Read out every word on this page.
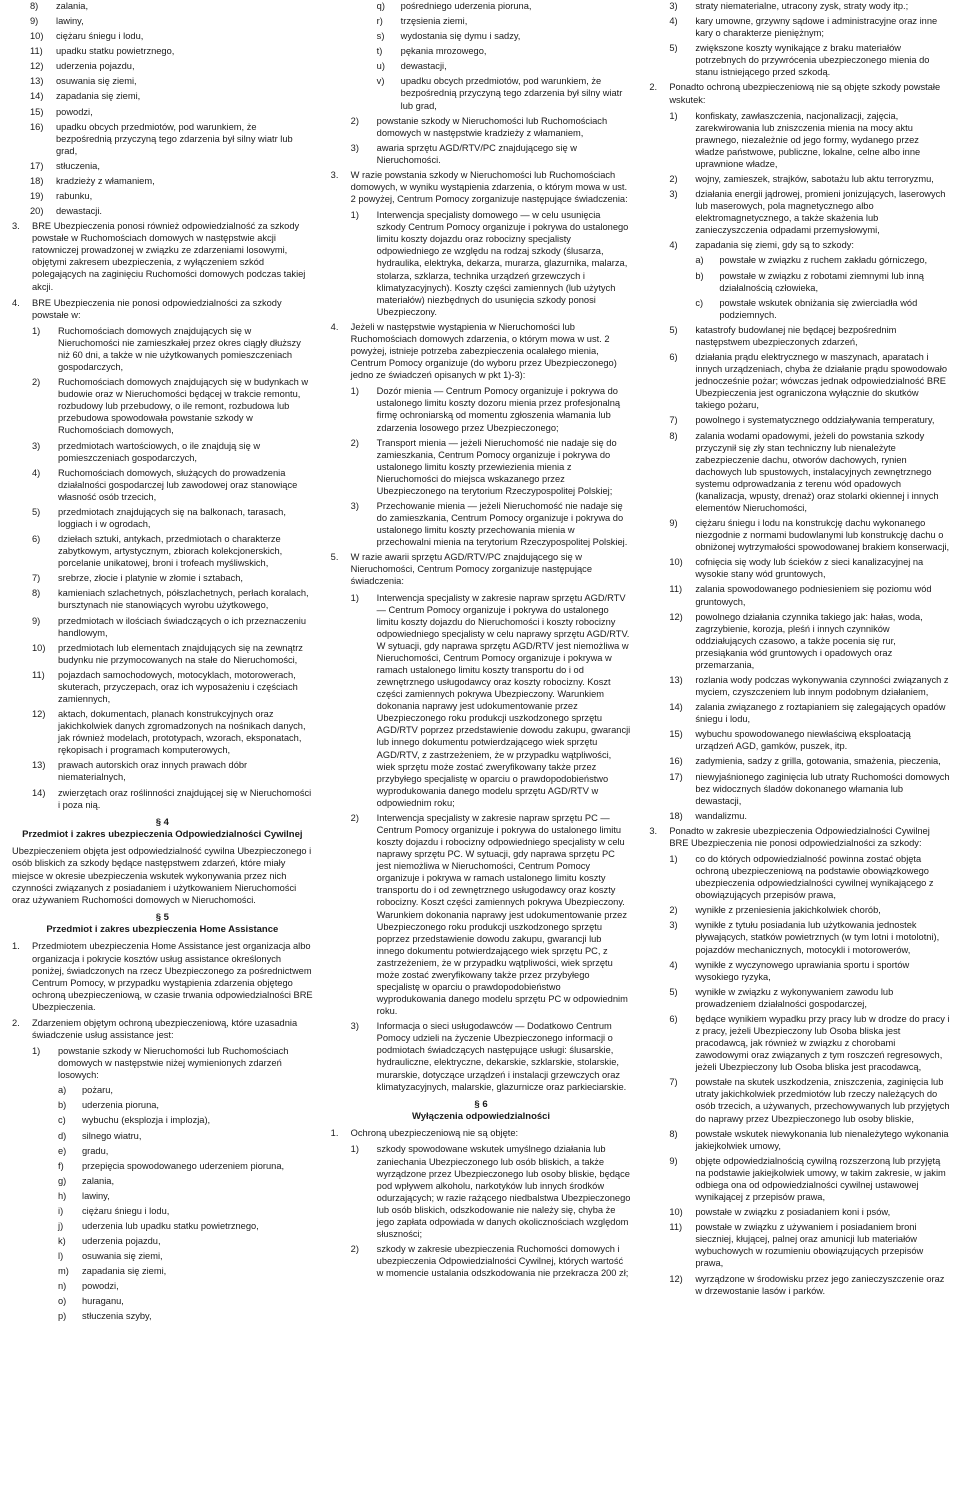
8)	zalania,
9)	lawiny,
10)	ciężaru śniegu i lodu,
11)	upadku statku powietrznego,
12)	uderzenia pojazdu,
13)	osuwania się ziemi,
14)	zapadania się ziemi,
15)	powodzi,
16)	upadku obcych przedmiotów, pod warunkiem, że bezpośrednią przyczyną tego zdarzenia był silny wiatr lub grad,
17)	stłuczenia,
18)	kradzieży z włamaniem,
19)	rabunku,
20)	dewastacji.
3.	BRE Ubezpieczenia ponosi również odpowiedzialność za szkody powstałe w Ruchomościach domowych w następstwie akcji ratowniczej prowadzonej w związku ze zdarzeniami losowymi, objętymi zakresem ubezpieczenia, z wyłączeniem szkód polegających na zaginięciu Ruchomości domowych podczas takiej akcji.
4.	BRE Ubezpieczenia nie ponosi odpowiedzialności za szkody powstałe w:
1)	Ruchomościach domowych znajdujących się w Nieruchomości nie zamieszkałej przez okres ciągły dłuższy niż 60 dni, a także w nie użytkowanych pomieszczeniach gospodarczych,
2)	Ruchomościach domowych znajdujących się w budynkach w budowie oraz w Nieruchomości będącej w trakcie remontu, rozbudowy lub przebudowy, o ile remont, rozbudowa lub przebudowa spowodowała powstanie szkody w Ruchomościach domowych,
3)	przedmiotach wartościowych, o ile znajdują się w pomieszczeniach gospodarczych,
4)	Ruchomościach domowych, służących do prowadzenia działalności gospodarczej lub zawodowej oraz stanowiące własność osób trzecich,
5)	przedmiotach znajdujących się na balkonach, tarasach, loggiach i w ogrodach,
6)	dziełach sztuki, antykach, przedmiotach o charakterze zabytkowym, artystycznym, zbiorach kolekcjonerskich, porcelanie unikatowej, broni i trofeach myśliwskich,
7)	srebrze, złocie i platynie w złomie i sztabach,
8)	kamieniach szlachetnych, półszlachetnych, perłach koralach, bursztynach nie stanowiących wyrobu użytkowego,
9)	przedmiotach w ilościach świadczących o ich przeznaczeniu handlowym,
10)	przedmiotach lub elementach znajdujących się na zewnątrz budynku nie przymocowanych na stałe do Nieruchomości,
11)	pojazdach samochodowych, motocyklach, motorowerach, skuterach, przyczepach, oraz ich wyposażeniu i częściach zamiennych,
12)	aktach, dokumentach, planach konstrukcyjnych oraz jakichkolwiek danych zgromadzonych na nośnikach danych, jak również modelach, prototypach, wzorach, eksponatach, rękopisach i programach komputerowych,
13)	prawach autorskich oraz innych prawach dóbr niematerialnych,
14)	zwierzętach oraz roślinności znajdującej się w Nieruchomości i poza nią.
§ 4
Przedmiot i zakres ubezpieczenia Odpowiedzialności Cywilnej
Ubezpieczeniem objęta jest odpowiedzialność cywilna Ubezpieczonego i osób bliskich za szkody będące następstwem zdarzeń, które miały miejsce w okresie ubezpieczenia wskutek wykonywania przez nich czynności związanych z posiadaniem i użytkowaniem Nieruchomości oraz używaniem Ruchomości domowych w Nieruchomości.
§ 5
Przedmiot i zakres ubezpieczenia Home Assistance
1.	Przedmiotem ubezpieczenia Home Assistance jest organizacja albo organizacja i pokrycie kosztów usług assistance określonych poniżej, świadczonych na rzecz Ubezpieczonego za pośrednictwem Centrum Pomocy, w przypadku wystąpienia zdarzenia objętego ochroną ubezpieczeniową, w czasie trwania odpowiedzialności BRE Ubezpieczenia.
2.	Zdarzeniem objętym ochroną ubezpieczeniową, które uzasadnia świadczenie usług assistance jest:
1)	powstanie szkody w Nieruchomości lub Ruchomościach domowych w następstwie niżej wymienionych zdarzeń losowych:
a)	pożaru,
b)	uderzenia pioruna,
c)	wybuchu (eksplozja i implozja),
d)	silnego wiatru,
e)	gradu,
f)	przepięcia spowodowanego uderzeniem pioruna,
g)	zalania,
h)	lawiny,
i)	ciężaru śniegu i lodu,
j)	uderzenia lub upadku statku powietrznego,
k)	uderzenia pojazdu,
l)	osuwania się ziemi,
m)	zapadania się ziemi,
n)	powodzi,
o)	huraganu,
p)	stłuczenia szyby,
q)	pośredniego uderzenia pioruna,
r)	trzęsienia ziemi,
s)	wydostania się dymu i sadzy,
t)	pękania mrozowego,
u)	dewastacji,
v)	upadku obcych przedmiotów, pod warunkiem, że bezpośrednią przyczyną tego zdarzenia był silny wiatr lub grad,
2)	powstanie szkody w Nieruchomości lub Ruchomościach domowych w następstwie kradzieży z włamaniem,
3)	awaria sprzętu AGD/RTV/PC znajdującego się w Nieruchomości.
3.	W razie powstania szkody w Nieruchomości lub Ruchomościach domowych, w wyniku wystąpienia zdarzenia, o którym mowa w ust. 2 powyżej, Centrum Pomocy zorganizuje następujące świadczenia:
1)	Interwencja specjalisty domowego — w celu usunięcia szkody Centrum Pomocy organizuje i pokrywa do ustalonego limitu koszty dojazdu oraz robocizny specjalisty odpowiedniego ze względu na rodzaj szkody (ślusarza, hydraulika, elektryka, dekarza, murarza, glazurnika, malarza, stolarza, szklarza, technika urządzeń grzewczych i klimatyzacyjnych). Koszty części zamiennych (lub użytych materiałów) niezbędnych do usunięcia szkody ponosi Ubezpieczony.
4.	Jeżeli w następstwie wystąpienia w Nieruchomości lub Ruchomościach domowych zdarzenia, o którym mowa w ust. 2 powyżej, istnieje potrzeba zabezpieczenia ocalałego mienia, Centrum Pomocy organizuje (do wyboru przez Ubezpieczonego) jedno ze świadczeń opisanych w pkt 1)-3):
1)	Dozór mienia — Centrum Pomocy organizuje i pokrywa do ustalonego limitu koszty dozoru mienia przez profesjonalną firmę ochroniarską od momentu zgłoszenia włamania lub zdarzenia losowego przez Ubezpieczonego;
2)	Transport mienia — jeżeli Nieruchomość nie nadaje się do zamieszkania, Centrum Pomocy organizuje i pokrywa do ustalonego limitu koszty przewiezienia mienia z Nieruchomości do miejsca wskazanego przez Ubezpieczonego na terytorium Rzeczypospolitej Polskiej;
3)	Przechowanie mienia — jeżeli Nieruchomość nie nadaje się do zamieszkania, Centrum Pomocy organizuje i pokrywa do ustalonego limitu koszty przechowania mienia w przechowalni mienia na terytorium Rzeczypospolitej Polskiej.
5.	W razie awarii sprzętu AGD/RTV/PC znajdującego się w Nieruchomości, Centrum Pomocy zorganizuje następujące świadczenia:
1)	Interwencja specjalisty w zakresie napraw sprzętu AGD/RTV — Centrum Pomocy organizuje i pokrywa do ustalonego limitu koszty dojazdu do Nieruchomości i koszty robocizny odpowiedniego specjalisty w celu naprawy sprzętu AGD/RTV. W sytuacji, gdy naprawa sprzętu AGD/RTV jest niemożliwa w Nieruchomości, Centrum Pomocy organizuje i pokrywa w ramach ustalonego limitu koszty transportu do i od zewnętrznego usługodawcy oraz koszty robocizny. Koszt części zamiennych pokrywa Ubezpieczony. Warunkiem dokonania naprawy jest udokumentowanie przez Ubezpieczonego roku produkcji uszkodzonego sprzętu AGD/RTV poprzez przedstawienie dowodu zakupu, gwarancji lub innego dokumentu potwierdzającego wiek sprzętu AGD/RTV, z zastrzeżeniem, że w przypadku wątpliwości, wiek sprzętu może zostać zweryfikowany także przez przybyłego specjalistę w oparciu o prawdopodobieństwo wyprodukowania danego modelu sprzętu AGD/RTV w odpowiednim roku;
2)	Interwencja specjalisty w zakresie napraw sprzętu PC — Centrum Pomocy organizuje i pokrywa do ustalonego limitu koszty dojazdu i robocizny odpowiedniego specjalisty w celu naprawy sprzętu PC. W sytuacji, gdy naprawa sprzętu PC jest niemożliwa w Nieruchomości, Centrum Pomocy organizuje i pokrywa w ramach ustalonego limitu koszty transportu do i od zewnętrznego usługodawcy oraz koszty robocizny. Koszt części zamiennych pokrywa Ubezpieczony. Warunkiem dokonania naprawy jest udokumentowanie przez Ubezpieczonego roku produkcji uszkodzonego sprzętu poprzez przedstawienie dowodu zakupu, gwarancji lub innego dokumentu potwierdzającego wiek sprzętu PC, z zastrzeżeniem, że w przypadku wątpliwości, wiek sprzętu może zostać zweryfikowany także przez przybyłego specjalistę w oparciu o prawdopodobieństwo wyprodukowania danego modelu sprzętu PC w odpowiednim roku.
3)	Informacja o sieci usługodawców — Dodatkowo Centrum Pomocy udzieli na życzenie Ubezpieczonego informacji o podmiotach świadczących następujące usługi: ślusarskie, hydrauliczne, elektryczne, dekarskie, szklarskie, stolarskie, murarskie, dotyczące urządzeń i instalacji grzewczych oraz klimatyzacyjnych, malarskie, glazurnicze oraz parkieciarskie.
§ 6
Wyłączenia odpowiedzialności
1.	Ochroną ubezpieczeniową nie są objęte:
1)	szkody spowodowane wskutek umyślnego działania lub zaniechania Ubezpieczonego lub osób bliskich, a także wyrządzone przez Ubezpieczonego lub osoby bliskie, będące pod wpływem alkoholu, narkotyków lub innych środków odurzających; w razie rażącego niedbalstwa Ubezpieczonego lub osób bliskich, odszkodowanie nie należy się, chyba że jego zapłata odpowiada w danych okolicznościach względom słuszności;
2)	szkody w zakresie ubezpieczenia Ruchomości domowych i ubezpieczenia Odpowiedzialności Cywilnej, których wartość w momencie ustalania odszkodowania nie przekracza 200 zł;
3)	straty niematerialne, utracony zysk, straty wody itp.;
4)	kary umowne, grzywny sądowe i administracyjne oraz inne kary o charakterze pieniężnym;
5)	zwiększone koszty wynikające z braku materiałów potrzebnych do przywrócenia ubezpieczonego mienia do stanu istniejącego przed szkodą.
2.	Ponadto ochroną ubezpieczeniową nie są objęte szkody powstałe wskutek:
1)	konfiskaty, zawłaszczenia, nacjonalizacji, zajęcia, zarekwirowania lub zniszczenia mienia na mocy aktu prawnego, niezależnie od jego formy, wydanego przez władze państwowe, publiczne, lokalne, celne albo inne uprawnione władze,
2)	wojny, zamieszek, strajków, sabotażu lub aktu terroryzmu,
3)	działania energii jądrowej, promieni jonizujących, laserowych lub maserowych, pola magnetycznego albo elektromagnetycznego, a także skażenia lub zanieczyszczenia odpadami przemysłowymi,
4)	zapadania się ziemi, gdy są to szkody:
a)	powstałe w związku z ruchem zakładu górniczego,
b)	powstałe w związku z robotami ziemnymi lub inną działalnością człowieka,
c)	powstałe wskutek obniżania się zwierciadła wód podziemnych.
5)	katastrofy budowlanej nie będącej bezpośrednim następstwem ubezpieczonych zdarzeń,
6)	działania prądu elektrycznego w maszynach, aparatach i innych urządzeniach, chyba że działanie prądu spowodowało jednocześnie pożar; wówczas jednak odpowiedzialność BRE Ubezpieczenia jest ograniczona wyłącznie do skutków takiego pożaru,
7)	powolnego i systematycznego oddziaływania temperatury,
8)	zalania wodami opadowymi, jeżeli do powstania szkody przyczynił się zły stan techniczny lub nienależyte zabezpieczenie dachu, otworów dachowych, rynien dachowych lub spustowych, instalacyjnych zewnętrznego systemu odprowadzania z terenu wód opadowych (kanalizacja, wpusty, drenaż) oraz stolarki okiennej i innych elementów Nieruchomości,
9)	ciężaru śniegu i lodu na konstrukcję dachu wykonanego niezgodnie z normami budowlanymi lub konstrukcję dachu o obniżonej wytrzymałości spowodowanej brakiem konserwacji,
10)	cofnięcia się wody lub ścieków z sieci kanalizacyjnej na wysokie stany wód gruntowych,
11)	zalania spowodowanego podniesieniem się poziomu wód gruntowych,
12)	powolnego działania czynnika takiego jak: hałas, woda, zagrzybienie, korozja, pleśń i innych czynników oddziałujących czasowo, a także pocenia się rur, przesiąkania wód gruntowych i opadowych oraz przemarzania,
13)	rozlania wody podczas wykonywania czynności związanych z myciem, czyszczeniem lub innym podobnym działaniem,
14)	zalania związanego z roztapianiem się zalegających opadów śniegu i lodu,
15)	wybuchu spowodowanego niewłaściwą eksploatacją urządzeń AGD, gamków, puszek, itp.
16)	zadymienia, sadzy z grilla, gotowania, smażenia, pieczenia,
17)	niewyjaśnionego zaginięcia lub utraty Ruchomości domowych bez widocznych śladów dokonanego włamania lub dewastacji,
18)	wandalizmu.
3.	Ponadto w zakresie ubezpieczenia Odpowiedzialności Cywilnej BRE Ubezpieczenia nie ponosi odpowiedzialności za szkody:
1)	co do których odpowiedzialność powinna zostać objęta ochroną ubezpieczeniową na podstawie obowiązkowego ubezpieczenia odpowiedzialności cywilnej wynikającego z obowiązujących przepisów prawa,
2)	wynikłe z przeniesienia jakichkolwiek chorób,
3)	wynikłe z tytułu posiadania lub użytkowania jednostek pływających, statków powietrznych (w tym lotni i motolotni), pojazdów mechanicznych, motocykli i motorowerów,
4)	wynikłe z wyczynowego uprawiania sportu i sportów wysokiego ryzyka,
5)	wynikłe w związku z wykonywaniem zawodu lub prowadzeniem działalności gospodarczej,
6)	będące wynikiem wypadku przy pracy lub w drodze do pracy i z pracy, jeżeli Ubezpieczony lub Osoba bliska jest pracodawcą, jak również w związku z chorobami zawodowymi oraz związanych z tym roszczeń regresowych, jeżeli Ubezpieczony lub Osoba bliska jest pracodawcą,
7)	powstałe na skutek uszkodzenia, zniszczenia, zaginięcia lub utraty jakichkolwiek przedmiotów lub rzeczy należących do osób trzecich, a używanych, przechowywanych lub przyjętych do naprawy przez Ubezpieczonego lub osoby bliskie,
8)	powstałe wskutek niewykonania lub nienależytego wykonania jakiejkolwiek umowy,
9)	objęte odpowiedzialnością cywilną rozszerzoną lub przyjętą na podstawie jakiejkolwiek umowy, w takim zakresie, w jakim odbiega ona od odpowiedzialności cywilnej ustawowej wynikającej z przepisów prawa,
10)	powstałe w związku z posiadaniem koni i psów,
11)	powstałe w związku z używaniem i posiadaniem broni sieczniej, kłującej, palnej oraz amunicji lub materiałów wybuchowych w rozumieniu obowiązujących przepisów prawa,
12)	wyrządzone w środowisku przez jego zanieczyszczenie oraz w drzewostanie lasów i parków.
